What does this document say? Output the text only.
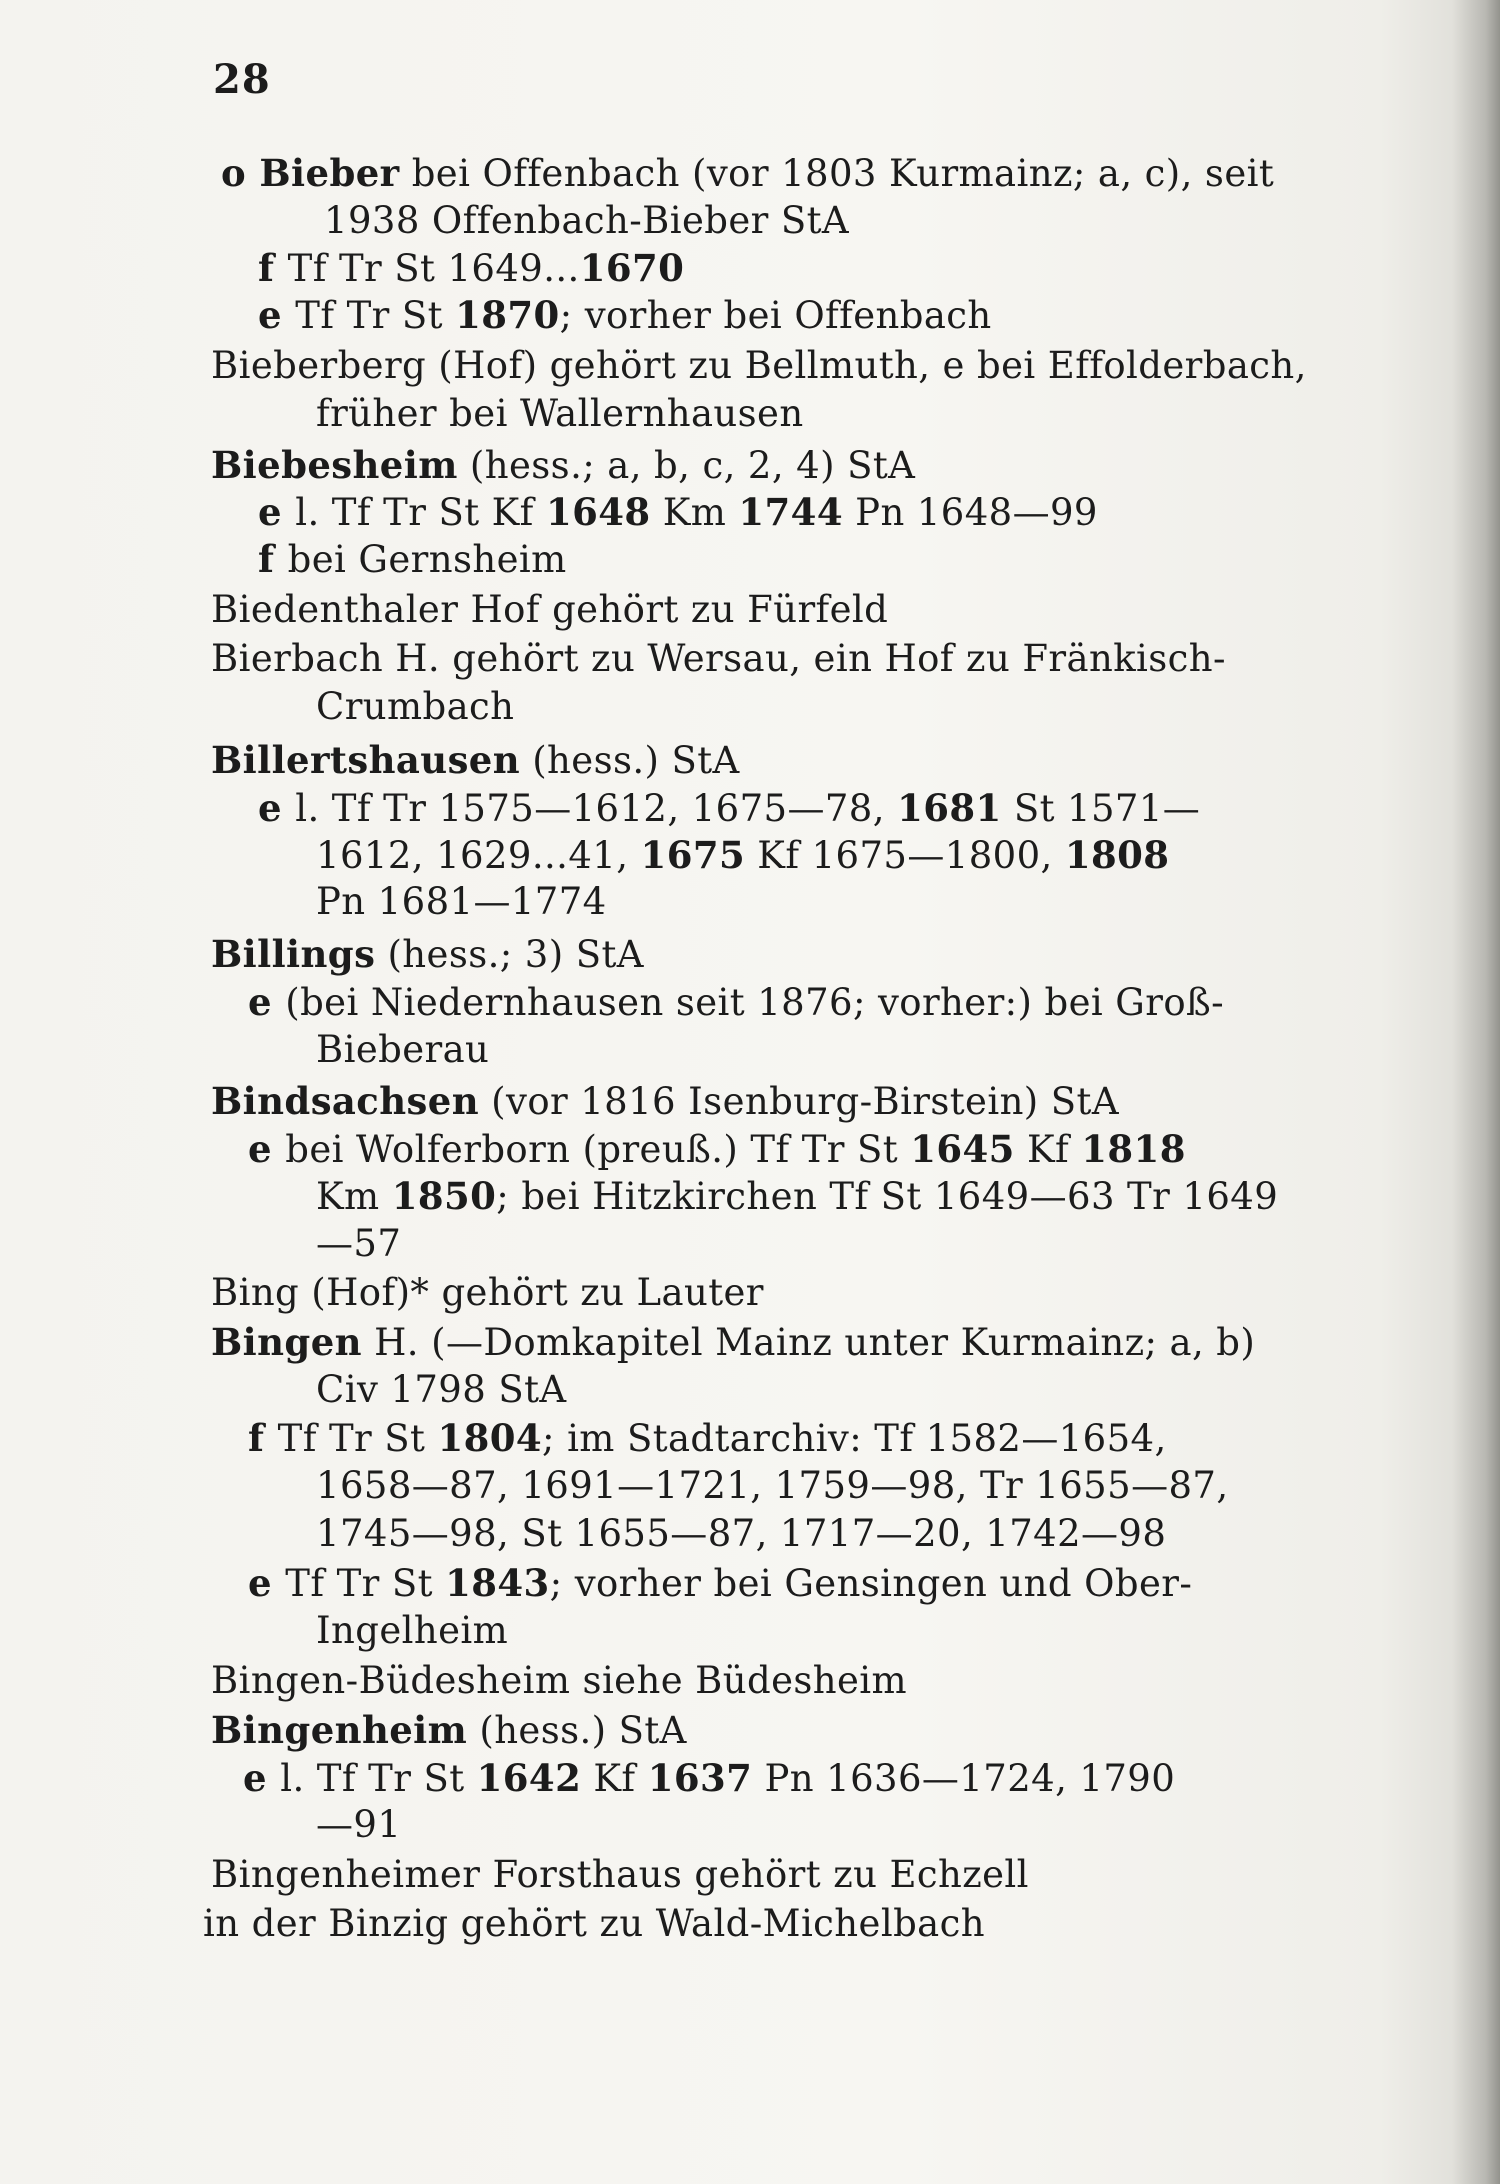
28
o Bieber bei Offenbach (vor 1803 Kurmainz; a, c), seit
1938 Offenbach-Bieber StA
f Tf Tr St 1649...1670
e Tf Tr St 1870; vorher bei Offenbach
Bieberberg (Hof) gehört zu Bellmuth, e bei Effolderbach,
früher bei Wallernhausen
Biebesheim (hess.; a, b, c, 2, 4) StA
e l. Tf Tr St Kf 1648 Km 1744 Pn 1648—99
f bei Gernsheim
Biedenthaler Hof gehört zu Fürfeld
Bierbach H. gehört zu Wersau, ein Hof zu Fränkisch-
Crumbach
Billertshausen (hess.) StA
e l. Tf Tr 1575—1612, 1675—78, 1681 St 1571—
1612, 1629...41, 1675 Kf 1675—1800, 1808
Pn 1681—1774
Billings (hess.; 3) StA
e (bei Niedernhausen seit 1876; vorher:) bei Groß-
Bieberau
Bindsachsen (vor 1816 Isenburg-Birstein) StA
e bei Wolferborn (preuß.) Tf Tr St 1645 Kf 1818
Km 1850; bei Hitzkirchen Tf St 1649—63 Tr 1649
—57
Bing (Hof)* gehört zu Lauter
Bingen H. (—Domkapitel Mainz unter Kurmainz; a, b)
Civ 1798 StA
f Tf Tr St 1804; im Stadtarchiv: Tf 1582—1654,
1658—87, 1691—1721, 1759—98, Tr 1655—87,
1745—98, St 1655—87, 1717—20, 1742—98
e Tf Tr St 1843; vorher bei Gensingen und Ober-
Ingelheim
Bingen-Büdesheim siehe Büdesheim
Bingenheim (hess.) StA
e l. Tf Tr St 1642 Kf 1637 Pn 1636—1724, 1790
—91
Bingenheimer Forsthaus gehört zu Echzell
in der Binzig gehört zu Wald-Michelbach
